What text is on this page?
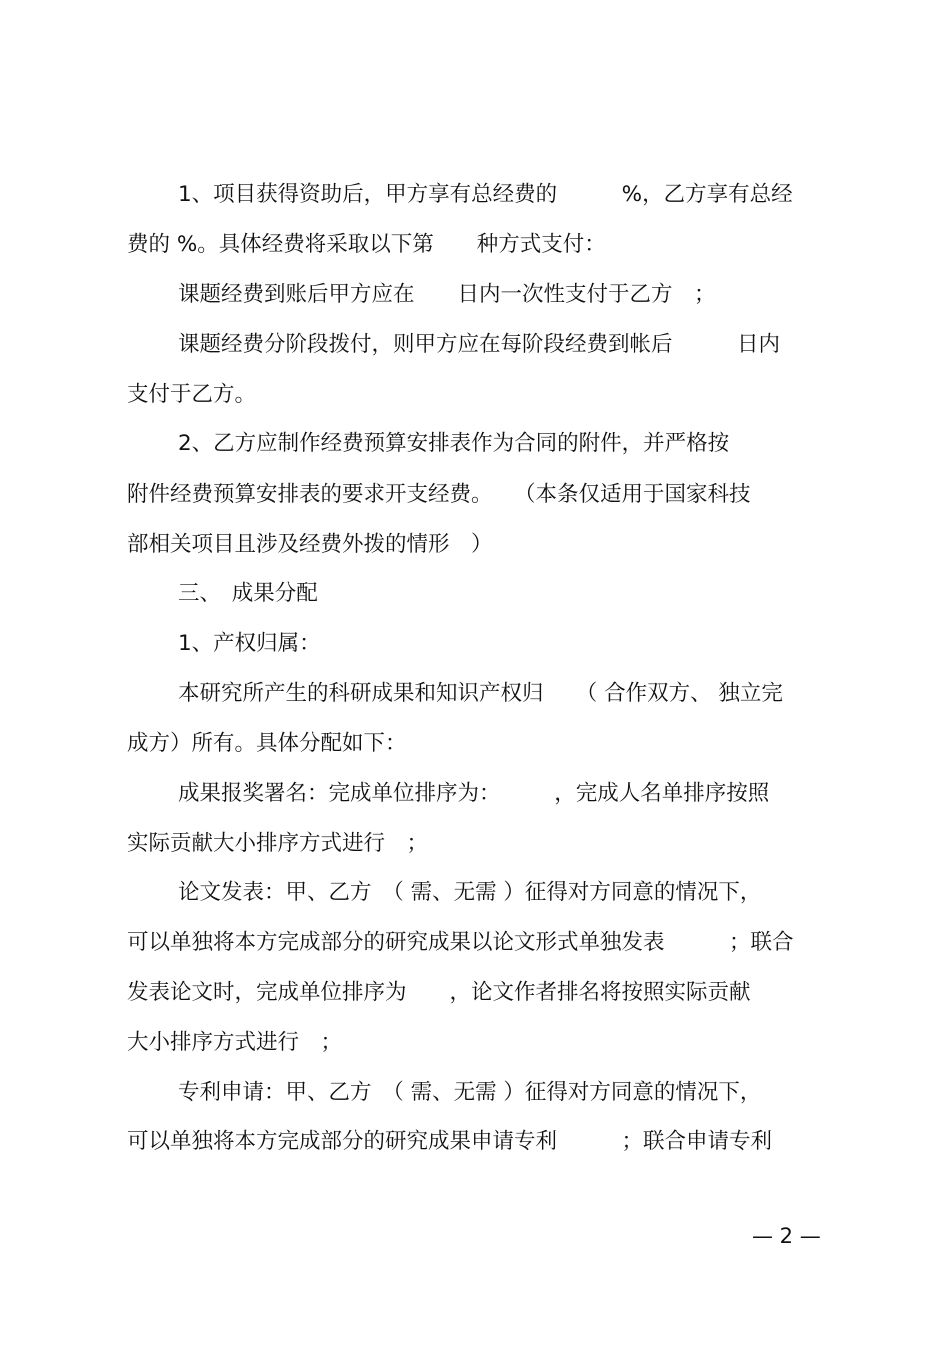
1、项目获得资助后，甲方享有总经费的　　　%，乙方享有总经
费的 %。具体经费将采取以下第　　种方式支付：
课题经费到账后甲方应在　　日内一次性支付于乙方　；
课题经费分阶段拨付，则甲方应在每阶段经费到帐后　　　日内
支付于乙方。
2、乙方应制作经费预算安排表作为合同的附件，并严格按
附件经费预算安排表的要求开支经费。　　（本条仅适用于国家科技
部相关项目且涉及经费外拨的情形　）
三、　成果分配
1、产权归属：
本研究所产生的科研成果和知识产权归　　（ 合作双方、 独立完
成方）所有。具体分配如下：
成果报奖署名：完成单位排序为：　　　，完成人名单排序按照
实际贡献大小排序方式进行　；
论文发表：甲、乙方　（ 需、无需 ）征得对方同意的情况下，
可以单独将本方完成部分的研究成果以论文形式单独发表　　　；联合
发表论文时，完成单位排序为　　，论文作者排名将按照实际贡献
大小排序方式进行　；
专利申请：甲、乙方　（ 需、无需 ）征得对方同意的情况下，
可以单独将本方完成部分的研究成果申请专利　　　；联合申请专利
— 2 —
